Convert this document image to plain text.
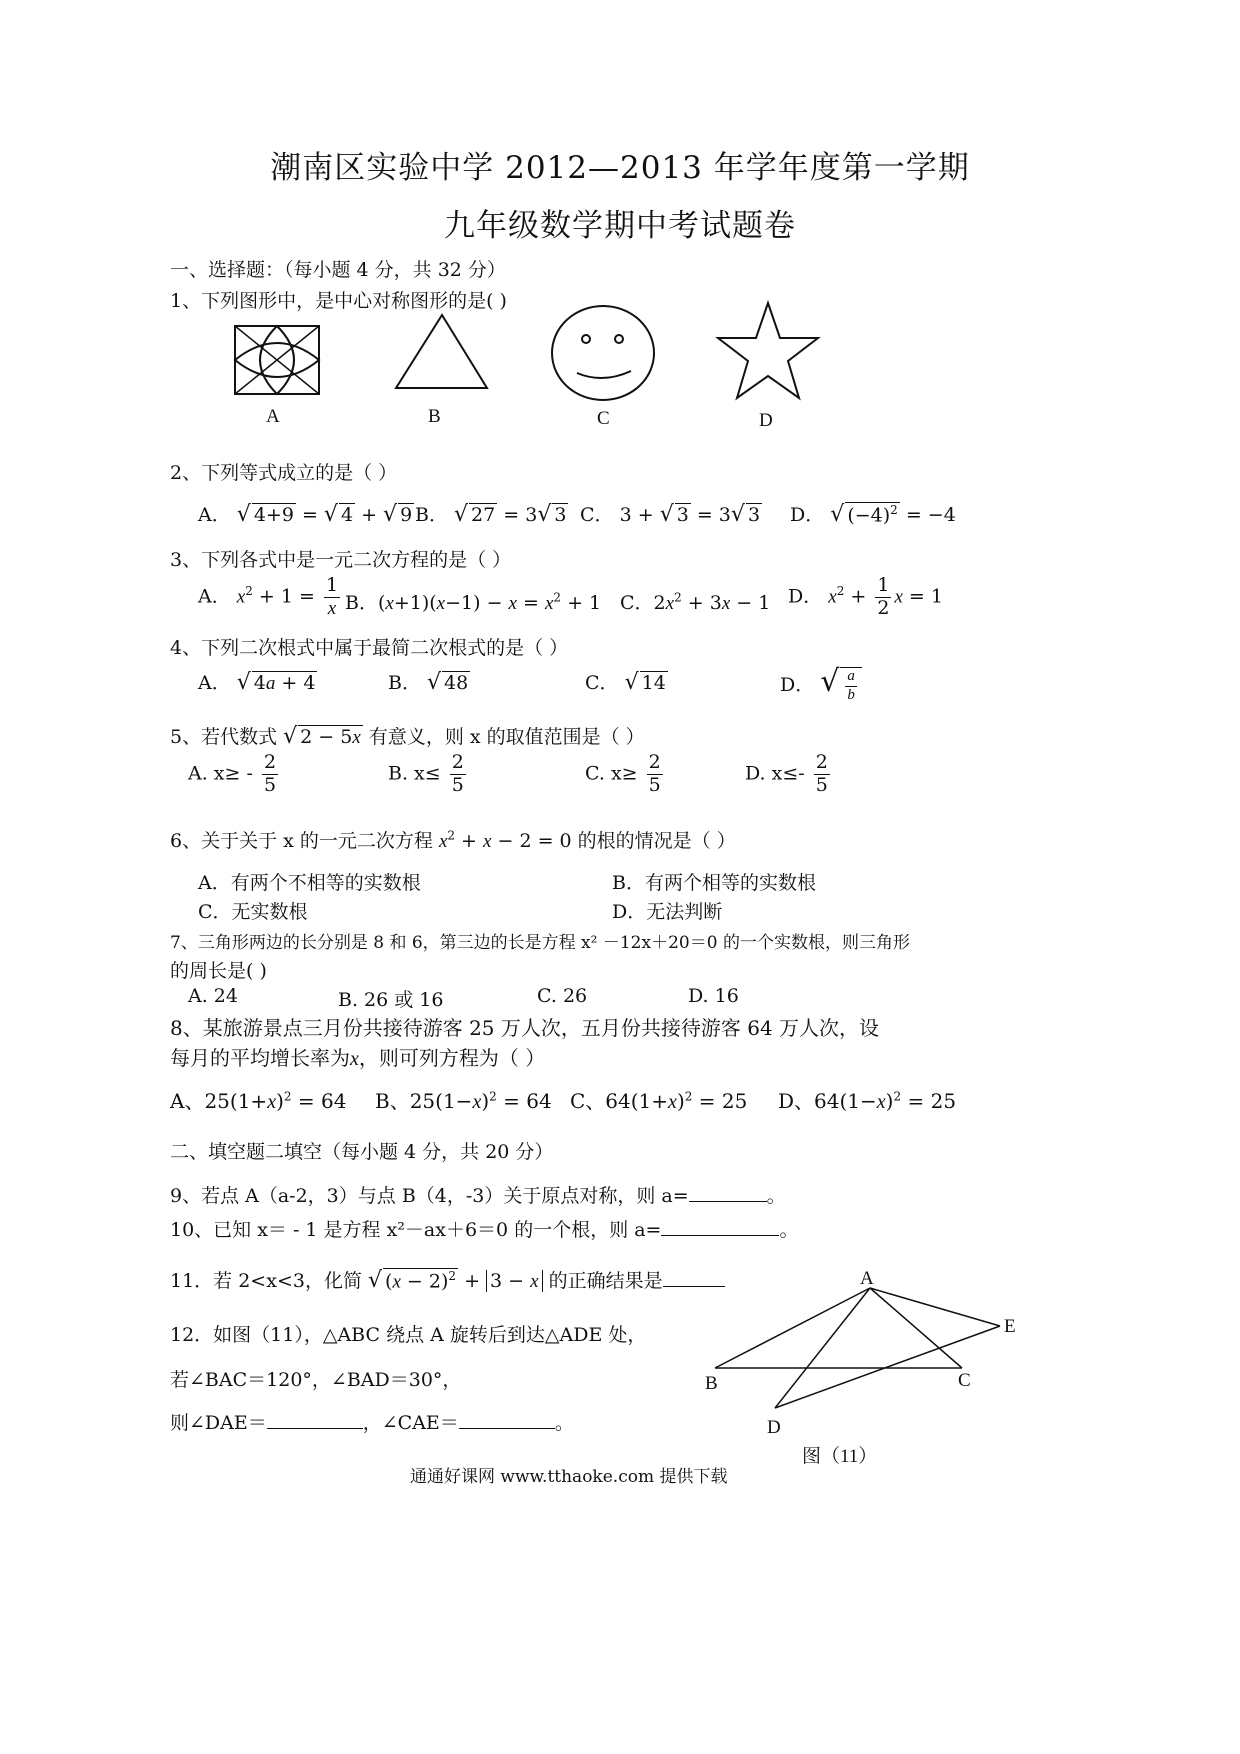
潮南区实验中学 2012—2013 年学年度第一学期
九年级数学期中考试题卷
一、选择题：（每小题 4 分，共 32 分）
1、下列图形中，是中心对称图形的是( )
A	B	C	D
2、下列等式成立的是（ ）
A． √ 4+9 = √ 4 + √ 9 B． √ 27 = 3√ 3 C． 3 + √ 3 = 3√ 3 D． √ $(-4)^2 = -4$
3、下列各式中是一元二次方程的是（ ）
A． $x^2 + 1 = \frac{1}{x}$ B．$(x+1)(x-1) - x = x^2 + 1$ C．$2x^2 + 3x - 1$ D． $x^2 + \frac{1}{2}$ x = 1
4、下列二次根式中属于最简二次根式的是（ ）
A． √ 4a + 4	B． √ 48	C． √ 14	D． √ $\frac{a}{b}$
5、若代数式 √ 2 − 5x 有意义，则 x 的取值范围是（ ）
A. $x\ge - \frac{2}{5}$	B. $x\le \frac{2}{5}$	C. $x\ge \frac{2}{5}$	D. $x\le- \frac{2}{5}$
6、关于关于 x 的一元二次方程 $x^2 + x - 2 = 0$ 的根的情况是（ ）
A．有两个不相等的实数根	B．有两个相等的实数根
C．无实数根	D．无法判断
7、三角形两边的长分别是 8 和 6，第三边的长是方程 x² －12x＋20＝0 的一个实数根，则三角形
的周长是( )
A. 24	B. 26 或 16	C. 26	D. 16
8、某旅游景点三月份共接待游客 25 万人次，五月份共接待游客 64 万人次，设
每月的平均增长率为x，则可列方程为（ ）
A、$25(1+x)^2 = 64$ B、$25(1-x)^2 = 64$ C、$64(1+x)^2 = 25$ D、$64(1-x)^2 = 25$
二、填空题二填空（每小题 4 分，共 20 分）
9、若点 A（a-2，3）与点 B（4，-3）关于原点对称，则 a=	。
10、已知 x＝ - 1 是方程 x²－ax＋6＝0 的一个根，则 a=	。
11．若 2<x<3，化简 √ $(x - 2)^2 + 3 - x$ 的正确结果是
12．如图（11），△ABC 绕点 A 旋转后到达△ADE 处，
若∠BAC＝120°，∠BAD＝30°，
则∠DAE＝	，∠CAE＝	。
A
B	C
D
E
图（11）
通通好课网 www.tthaoke.com 提供下载
